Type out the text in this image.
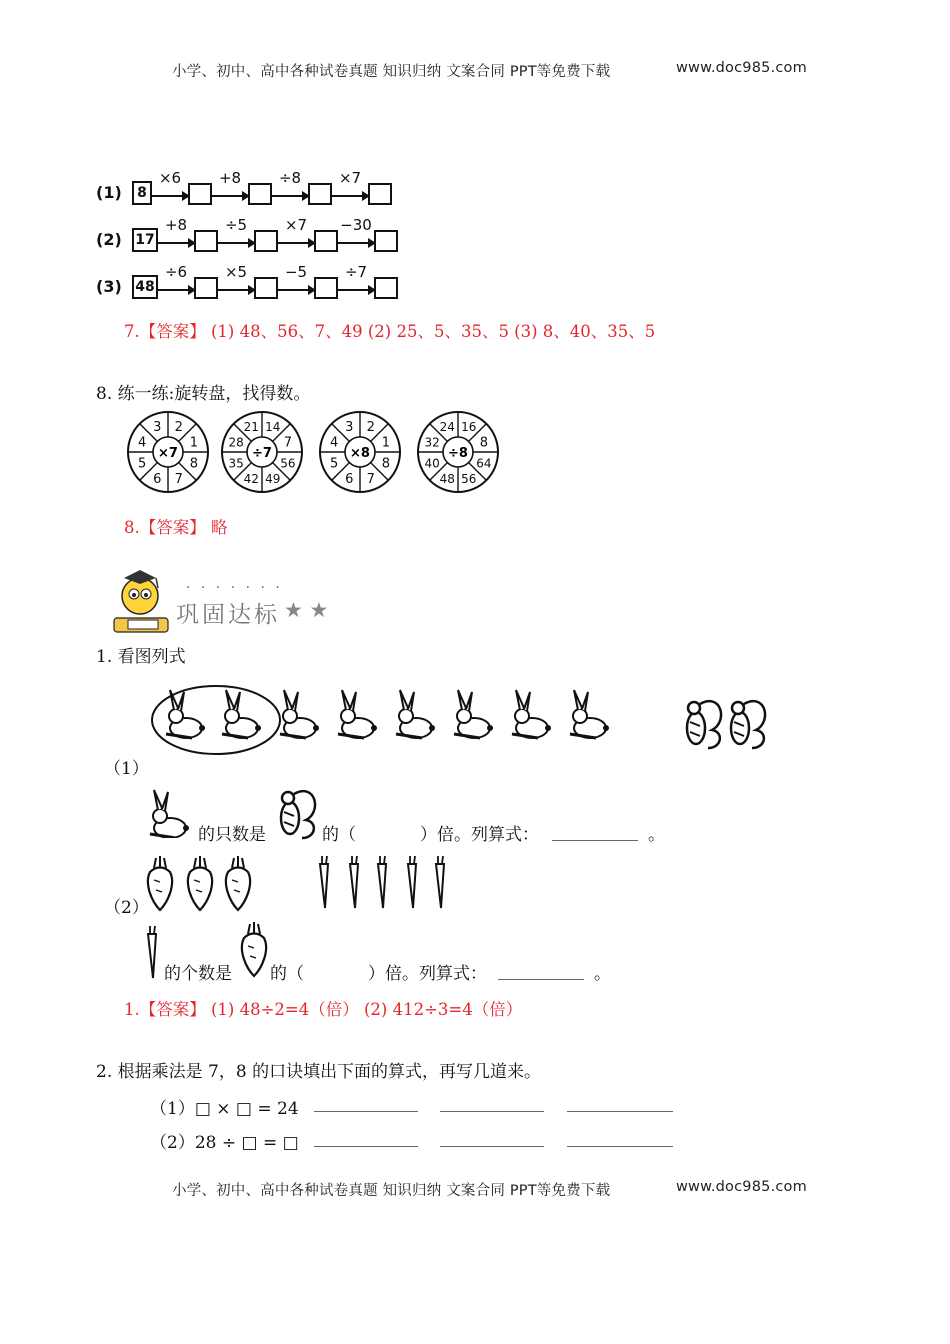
小学、初中、高中各种试卷真题 知识归纳 文案合同 PPT等免费下载	www.doc985.com
(1)	8
×6	+8	÷8	×7
(2) 17
+8	÷5	×7	−30
(3) 48
÷6	×5	−5	÷7
7.【答案】 (1) 48、56、7、49 (2) 25、5、35、5 (3) 8、40、35、5
8. 练一练:旋转盘，找得数。
2
1
8
7
6
5
4
3
×7
14
7
56
49
42
35
28
21
÷7
2
1
8
7
6
5
4
3
×8
16
8
64
56
48
40
32
24
÷8
8.【答案】 略
· · · · · · ·
巩固达标 ★ ★
1. 看图列式
（1）
的只数是	的（	）倍。列算式：	。
（2）
的个数是 的（	）倍。列算式：	。
1.【答案】 (1) 48÷2=4（倍） (2) 412÷3=4（倍）
2. 根据乘法是 7，8 的口诀填出下面的算式，再写几道来。
（1）□ × □ = 24
（2）28 ÷ □ = □
小学、初中、高中各种试卷真题 知识归纳 文案合同 PPT等免费下载	www.doc985.com
